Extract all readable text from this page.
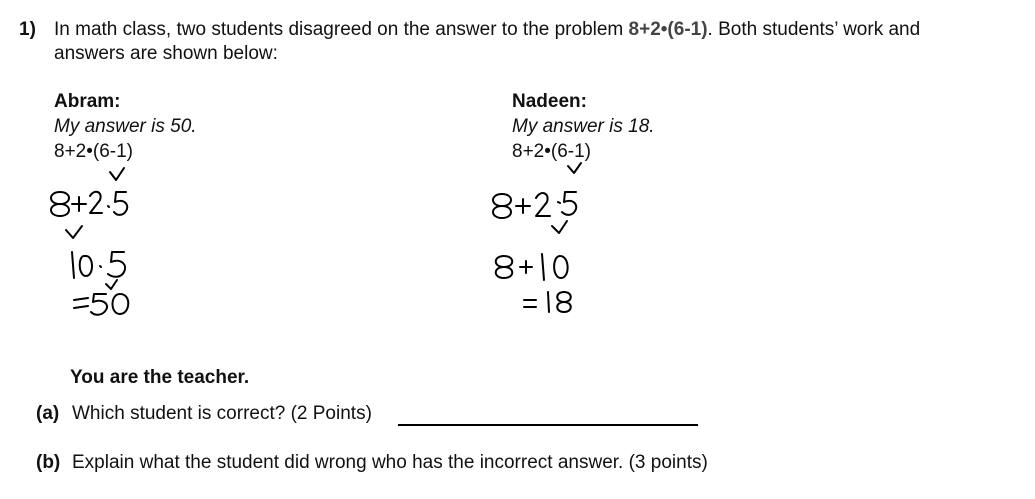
1) In math class, two students disagreed on the answer to the problem 8+2•(6-1). Both students’ work and
answers are shown below:
Abram:
My answer is 50.
8+2•(6-1)
Nadeen:
My answer is 18.
8+2•(6-1)
You are the teacher.
(a) Which student is correct? (2 Points)
(b) Explain what the student did wrong who has the incorrect answer. (3 points)
